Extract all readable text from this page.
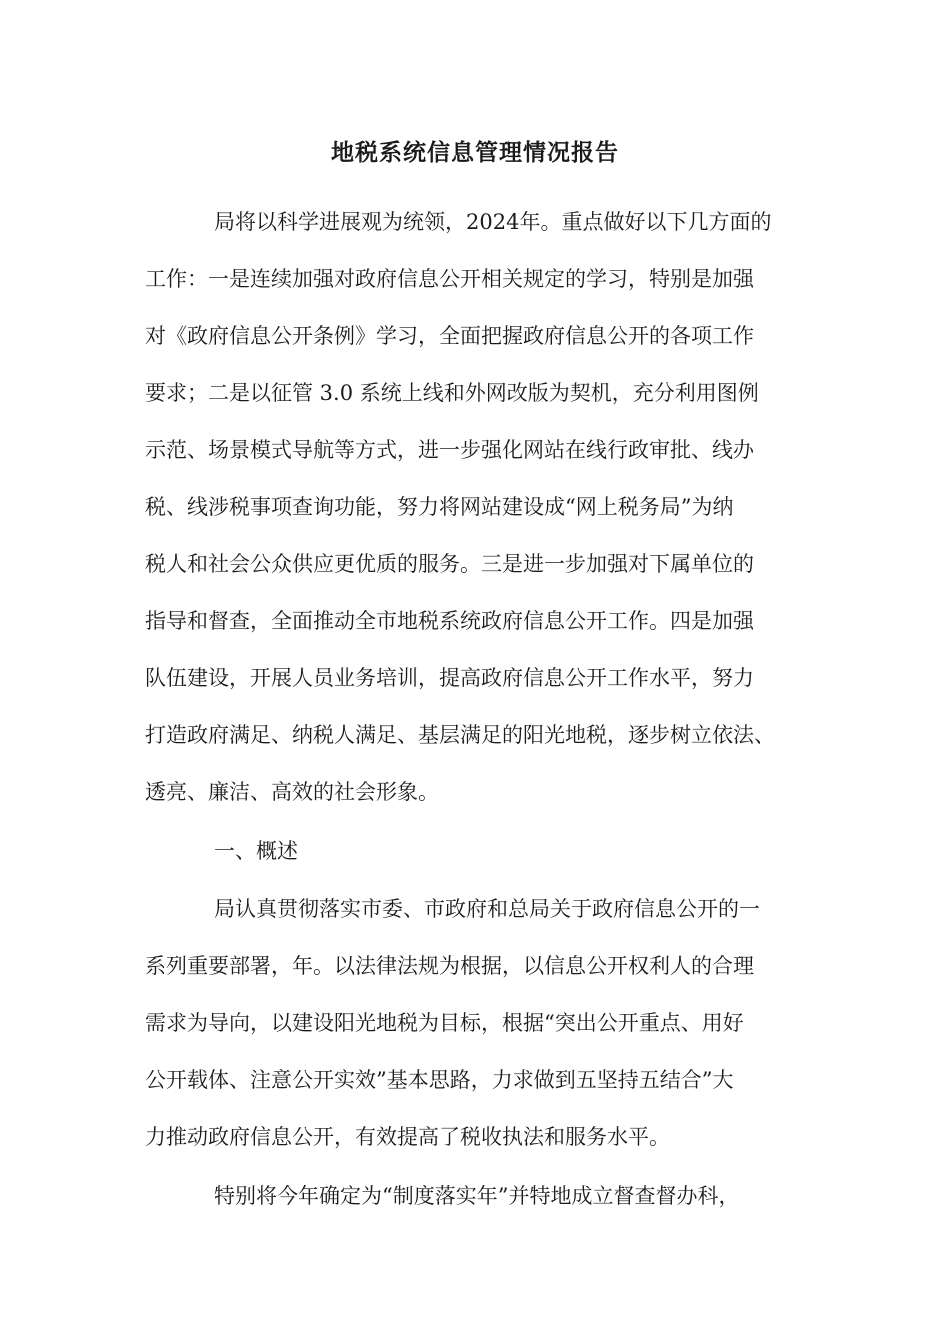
地税系统信息管理情况报告

局将以科学进展观为统领，2024年。重点做好以下几方面的

工作：一是连续加强对政府信息公开相关规定的学习，特别是加强

对《政府信息公开条例》学习，全面把握政府信息公开的各项工作

要求；二是以征管 3.0 系统上线和外网改版为契机，充分利用图例

示范、场景模式导航等方式，进一步强化网站在线行政审批、线办

税、线涉税事项查询功能，努力将网站建设成“网上税务局”为纳

税人和社会公众供应更优质的服务。三是进一步加强对下属单位的

指导和督查，全面推动全市地税系统政府信息公开工作。四是加强

队伍建设，开展人员业务培训，提高政府信息公开工作水平，努力

打造政府满足、纳税人满足、基层满足的阳光地税，逐步树立依法、

透亮、廉洁、高效的社会形象。

一、概述

局认真贯彻落实市委、市政府和总局关于政府信息公开的一

系列重要部署，年。以法律法规为根据，以信息公开权利人的合理

需求为导向，以建设阳光地税为目标，根据“突出公开重点、用好

公开载体、注意公开实效”基本思路，力求做到五坚持五结合”大

力推动政府信息公开，有效提高了税收执法和服务水平。

特别将今年确定为“制度落实年”并特地成立督查督办科，
